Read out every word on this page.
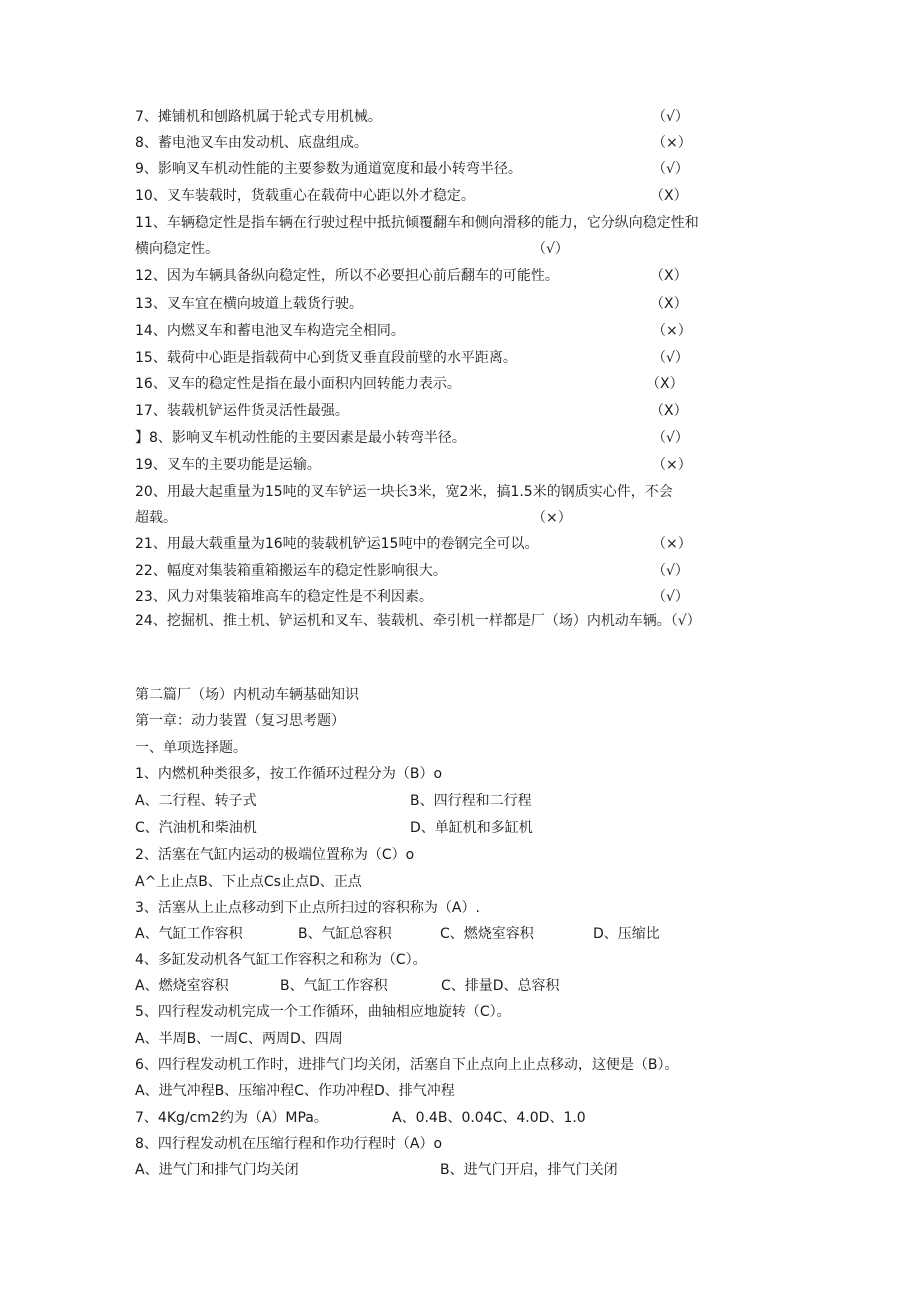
7、摊铺机和刨路机属于轮式专用机械。	（√）
8、蓄电池叉车由发动机、底盘组成。	（×）
9、影响叉车机动性能的主要参数为通道宽度和最小转弯半径。	（√）
10、叉车装载时，货载重心在载荷中心距以外才稳定。	（X）
11、车辆稳定性是指车辆在行驶过程中抵抗倾覆翻车和侧向滑移的能力，它分纵向稳定性和
横向稳定性。	（√）
12、因为车辆具备纵向稳定性，所以不必要担心前后翻车的可能性。	（X）
13、叉车宜在横向坡道上载货行驶。	（X）
14、内燃叉车和蓄电池叉车构造完全相同。	（×）
15、载荷中心距是指载荷中心到货叉垂直段前壁的水平距离。	（√）
16、叉车的稳定性是指在最小面积内回转能力表示。	（X）
17、装载机铲运件货灵活性最强。	（X）
】8、影响叉车机动性能的主要因素是最小转弯半径。	（√）
19、叉车的主要功能是运输。	（×）
20、用最大起重量为15吨的叉车铲运一块长3米，宽2米，搞1.5米的钢质实心件，不会
超载。	（×）
21、用最大载重量为16吨的装载机铲运15吨中的卷钢完全可以。	（×）
22、幅度对集装箱重箱搬运车的稳定性影响很大。	（√）
23、风力对集装箱堆高车的稳定性是不利因素。	（√）
24、挖掘机、推土机、铲运机和叉车、装载机、牵引机一样都是厂（场）内机动车辆。（√）
第二篇厂（场）内机动车辆基础知识
第一章：动力装置（复习思考题）
一、单项选择题。
1、内燃机种类很多，按工作循环过程分为（B）o
A、二行程、转子式	B、四行程和二行程
C、汽油机和柴油机	D、单缸机和多缸机
2、活塞在气缸内运动的极端位置称为（C）o
A^上止点B、下止点Cs止点D、正点
3、活塞从上止点移动到下止点所扫过的容积称为（A）.
A、气缸工作容积	B、气缸总容积	C、燃烧室容积	D、压缩比
4、多缸发动机各气缸工作容积之和称为（C）。
A、燃烧室容积	B、气缸工作容积	C、排量D、总容积
5、四行程发动机完成一个工作循环，曲轴相应地旋转（C）。
A、半周B、一周C、两周D、四周
6、四行程发动机工作时，进排气门均关闭，活塞自下止点向上止点移动，这便是（B）。
A、进气冲程B、压缩冲程C、作功冲程D、排气冲程
7、4Kg∕cm2约为（A）MPa。	A、0.4B、0.04C、4.0D、1.0
8、四行程发动机在压缩行程和作功行程时（A）o
A、进气门和排气门均关闭	B、进气门开启，排气门关闭
